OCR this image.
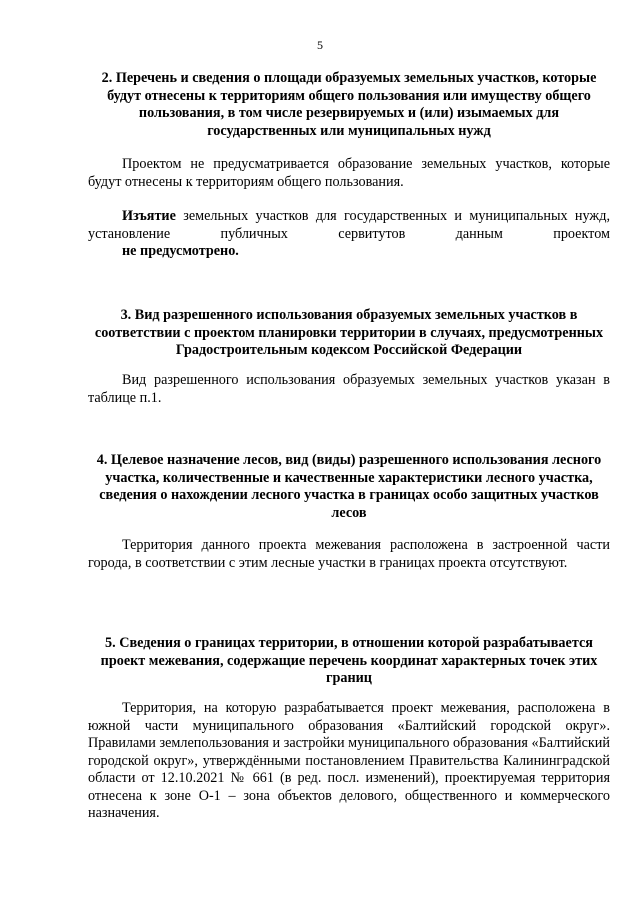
5
2. Перечень и сведения о площади образуемых земельных участков, которые будут отнесены к территориям общего пользования или имуществу общего пользования, в том числе резервируемых и (или) изымаемых для государственных или муниципальных нужд
Проектом не предусматривается образование земельных участков, которые будут отнесены к территориям общего пользования.
Изъятие земельных участков для государственных и муниципальных нужд, установление публичных сервитутов данным проектом
не предусмотрено.
3. Вид разрешенного использования образуемых земельных участков в соответствии с проектом планировки территории в случаях, предусмотренных Градостроительным кодексом Российской Федерации
Вид разрешенного использования образуемых земельных участков указан в таблице п.1.
4. Целевое назначение лесов, вид (виды) разрешенного использования лесного участка, количественные и качественные характеристики лесного участка, сведения о нахождении лесного участка в границах особо защитных участков лесов
Территория данного проекта межевания расположена в застроенной части города, в соответствии с этим лесные участки в границах проекта отсутствуют.
5. Сведения о границах территории, в отношении которой разрабатывается проект межевания, содержащие перечень координат характерных точек этих границ
Территория, на которую разрабатывается проект межевания, расположена в южной части муниципального образования «Балтийский городской округ». Правилами землепользования и застройки муниципального образования «Балтийский городской округ», утверждёнными постановлением Правительства Калининградской области от 12.10.2021 № 661 (в ред. посл. изменений), проектируемая территория отнесена к зоне О-1 – зона объектов делового, общественного и коммерческого назначения.
